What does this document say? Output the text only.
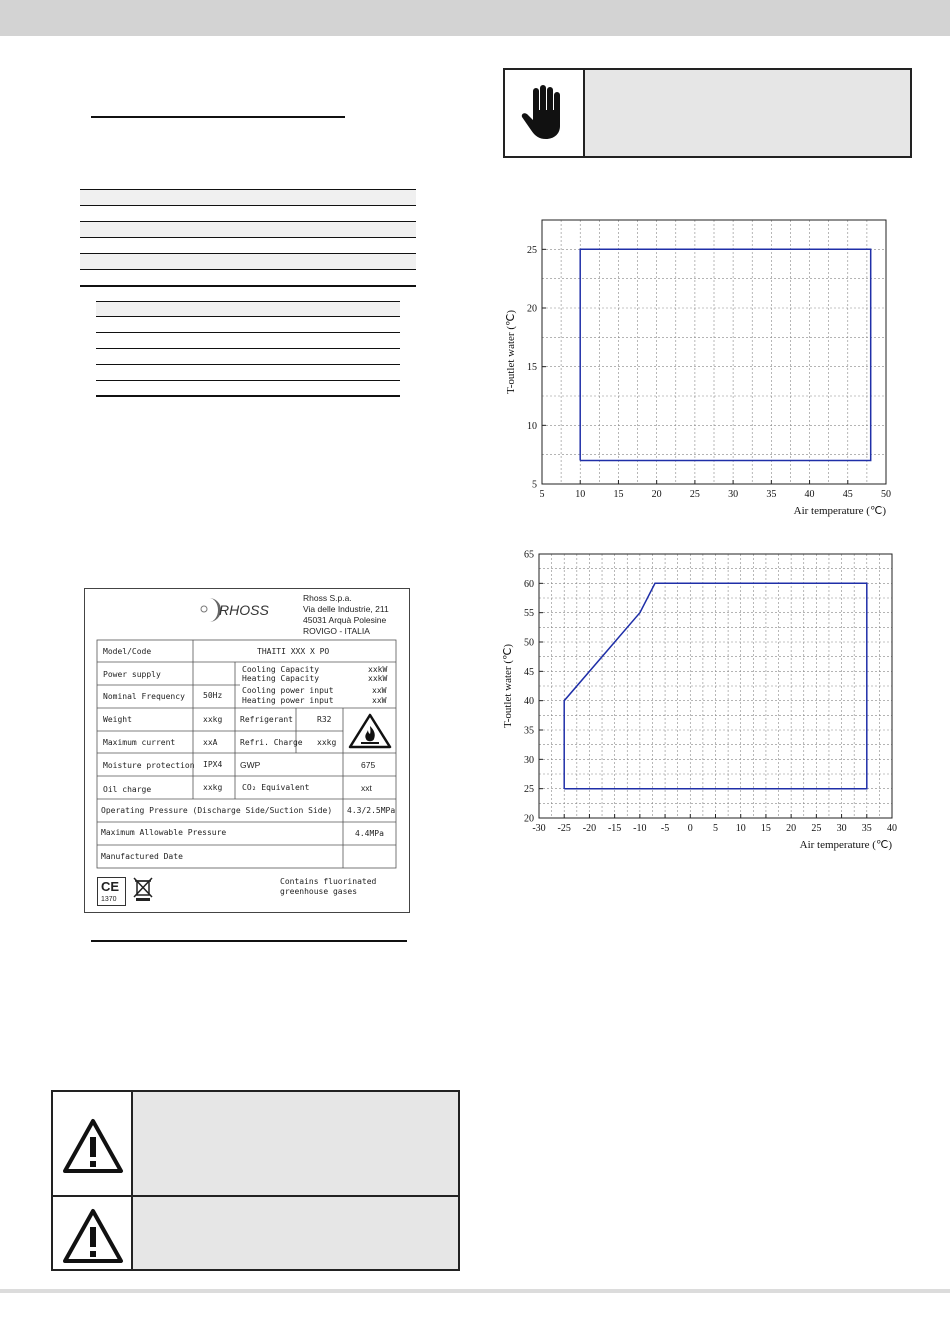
RHOSS
Rhoss S.p.a.
Via delle Industrie, 211
45031 Arquà Polesine
ROVIGO - ITALIA
Model/Code	THAITI XXX X PO
Power supply
Cooling Capacity	xxkW
Heating Capacity	xxkW
Nominal Frequency 50Hz
Cooling power input	xxW
Heating power input	xxW
Weight	xxkg Refrigerant	R32
Maximum current	xxA	Refri. Charge xxkg
Moisture protection IPX4 GWP	675
Oil charge	xxkg CO₂ Equivalent	xxt
Operating Pressure (Discharge Side/Suction Side) 4.3/2.5MPa
Maximum Allowable Pressure	4.4MPa
Manufactured Date
CE
1370
Contains fluorinated
greenhouse gases
5	10	15	20	25	30	35	40	45	50
5
10
15
20
25
Air temperature (℃)
T-outlet water (℃)
-30 -25 -20 -15 -10 -5 0 5 10 15 20 25 30 35 40
20
25
30
35
40
45
50
55
60
65
Air temperature (℃)
T-outlet water (℃)
